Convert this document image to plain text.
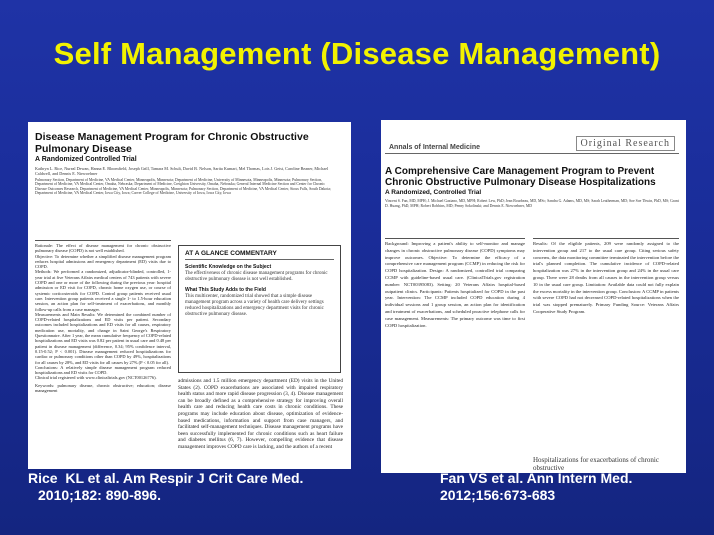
Self Management (Disease Management)
Disease Management Program for Chronic Obstructive Pulmonary Disease
A Randomized Controlled Trial
Kathryn L. Rice, Nureal Dewan, Hanna E. Bloomfield, Joseph Grill, Tamara M. Schult, David B. Nelson, Sarita Kumari, Mel Thomas, Lois J. Geist, Caroline Beaner, Michael Caldwell, and Dennis E. Niewoehner
Pulmonary Section, Department of Medicine, VA Medical Center, Minneapolis, Minnesota; Department of Medicine, University of Minnesota, Minneapolis, Minnesota; Pulmonary Section, Department of Medicine, VA Medical Center, Omaha, Nebraska; Department of Medicine, Creighton University, Omaha, Nebraska; General Internal Medicine Section and Center for Chronic Disease Outcomes Research, Department of Medicine, VA Medical Center, Minneapolis, Minnesota; Pulmonary Section, Department of Medicine, VA Medical Center, Sioux Falls, South Dakota; Department of Medicine, VA Medical Center, Iowa City, Iowa; Carver College of Medicine, University of Iowa, Iowa City, Iowa
Rationale: The effect of disease management for chronic obstructive pulmonary disease (COPD) is not well established.
Objective: To determine whether a simplified disease management program reduces hospital admissions and emergency department (ED) visits due to COPD.
Methods: We performed a randomized, adjudicator-blinded, controlled, 1-year trial at five Veterans Affairs medical centers of 743 patients with severe COPD and one or more of the following during the previous year: hospital admission or ED visit for COPD, chronic home oxygen use, or course of systemic corticosteroids for COPD. Control group patients received usual care. Intervention group patients received a single 1- to 1.5-hour education session, an action plan for self-treatment of exacerbations, and monthly follow-up calls from a case manager.
Measurements and Main Results: We determined the combined number of COPD-related hospitalizations and ED visits per patient. Secondary outcomes included hospitalizations and ED visits for all causes, respiratory medication use, mortality, and change in Saint George's Respiratory Questionnaire. After 1 year, the mean cumulative frequency of COPD-related hospitalizations and ED visits was 0.82 per patient in usual care and 0.48 per patient in disease management (difference, 0.34; 95% confidence interval, 0.15-0.52; P < 0.001). Disease management reduced hospitalizations for cardiac or pulmonary conditions other than COPD by 49%, hospitalizations for all causes by 28%, and ED visits for all causes by 27% (P < 0.05 for all).
Conclusions: A relatively simple disease management program reduced hospitalizations and ED visits for COPD.
Clinical trial registered with www.clinicaltrials.gov (NCT00126776).
Keywords: pulmonary disease, chronic obstructive; education; disease management
AT A GLANCE COMMENTARY
Scientific Knowledge on the Subject

The effectiveness of chronic disease management programs for chronic obstructive pulmonary disease is not well established.

What This Study Adds to the Field

This multicenter, randomized trial showed that a simple disease management program across a variety of health care delivery settings reduced hospitalizations and emergency department visits for chronic obstructive pulmonary disease.

admissions and 1.5 million emergency department (ED) visits in the United States (2). COPD exacerbations are associated with impaired respiratory health status and more rapid disease progression (3, 4). Disease management can be broadly defined as a comprehensive strategy for improving overall health care and reducing health care costs in chronic conditions. These programs may include education about disease, optimization of evidence-based medications, information and support from case managers, and facilitated self-management techniques. Disease management programs have been successfully implemented for chronic conditions such as heart failure and diabetes mellitus (6, 7). However, compelling evidence that disease management improves COPD care is lacking, and the authors of a recent
Annals of Internal Medicine	Original Research
A Comprehensive Care Management Program to Prevent Chronic Obstructive Pulmonary Disease Hospitalizations
A Randomized, Controlled Trial
Vincent S. Fan, MD, MPH; J. Michael Gaziano, MD, MPH; Robert Lew, PhD; Jean Bourbeau, MD, MSc; Sandra G. Adams, MD, MS; Sarah Leatherman, MD; Soe Soe Thwin, PhD, MS; Grant D. Huang, PhD, MPH; Robert Robbins, MD; Penny Sokolinski; and Dennis E. Niewoehner, MD
Background: Improving a patient's ability to self-monitor and manage changes in chronic obstructive pulmonary disease (COPD) symptoms may improve outcomes. Objective: To determine the efficacy of a comprehensive care management program (CCMP) in reducing the risk for COPD hospitalization. Design: A randomized, controlled trial comparing CCMP with guideline-based usual care. (ClinicalTrials.gov registration number: NCT00395083). Setting: 20 Veterans Affairs hospital-based outpatient clinics. Participants: Patients hospitalized for COPD in the past year. Intervention: The CCMP included COPD education during 4 individual sessions and 1 group session, an action plan for identification and treatment of exacerbations, and scheduled proactive telephone calls for case management. Measurements: The primary outcome was time to first COPD hospitalization.
Results: Of the eligible patients, 209 were randomly assigned to the intervention group and 217 to the usual care group. Citing serious safety concerns, the data monitoring committee terminated the intervention before the trial's planned completion. The cumulative incidence of COPD-related hospitalization was 27% in the intervention group and 24% in the usual care group. There were 28 deaths from all causes in the intervention group versus 10 in the usual care group. Limitation: Available data could not fully explain the excess mortality in the intervention group. Conclusion: A CCMP in patients with severe COPD had not decreased COPD-related hospitalizations when the trial was stopped prematurely. Primary Funding Source: Veterans Affairs Cooperative Study Program.
Hospitalizations for exacerbations of chronic obstructive
Rice  KL et al. Am Respir J Crit Care Med.
2010;182: 890-896.
Fan VS et al. Ann Intern Med.
2012;156:673-683
